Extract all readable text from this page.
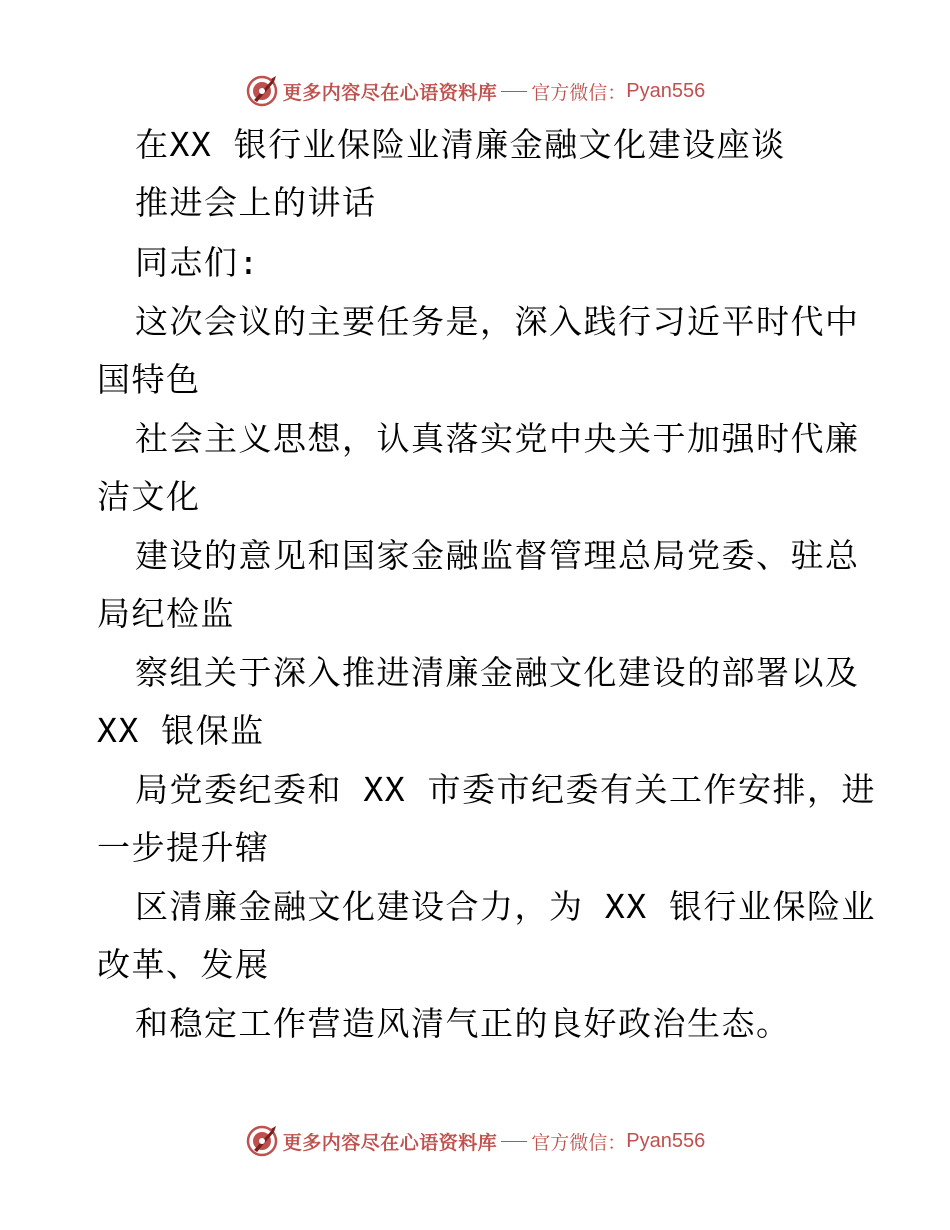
更多内容尽在心语资料库 官方微信： Pyan556
在XX 银行业保险业清廉金融文化建设座谈
推进会上的讲话
同志们:
这次会议的主要任务是，深入践行习近平时代中
国特色
社会主义思想，认真落实党中央关于加强时代廉
洁文化
建设的意见和国家金融监督管理总局党委、驻总
局纪检监
察组关于深入推进清廉金融文化建设的部署以及
XX 银保监
局党委纪委和 XX 市委市纪委有关工作安排，进
一步提升辖
区清廉金融文化建设合力，为 XX 银行业保险业
改革、发展
和稳定工作营造风清气正的良好政治生态。
更多内容尽在心语资料库 官方微信： Pyan556
